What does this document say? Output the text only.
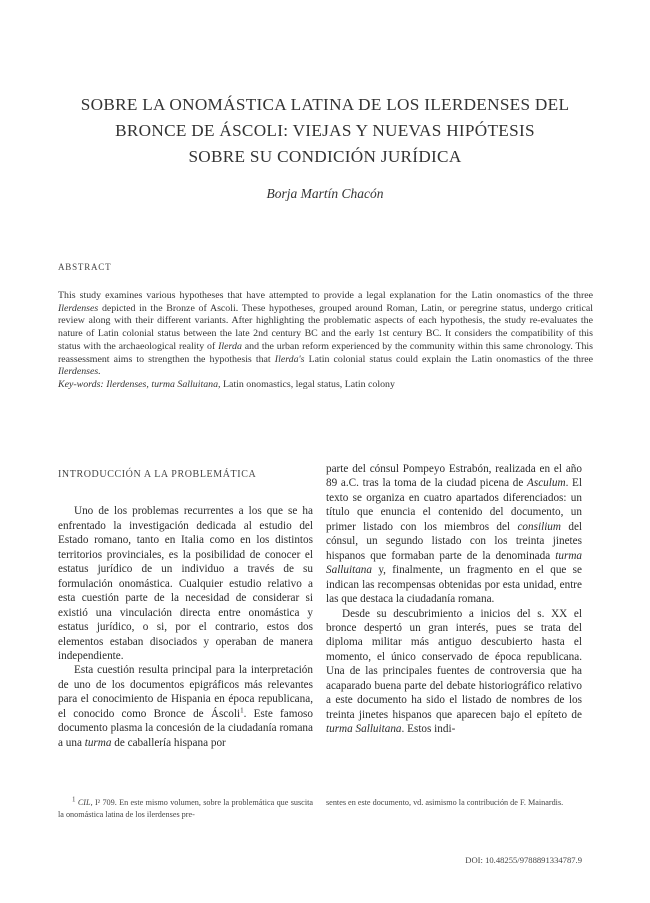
SOBRE LA ONOMÁSTICA LATINA DE LOS ILERDENSES DEL
BRONCE DE ÁSCOLI: VIEJAS Y NUEVAS HIPÓTESIS
SOBRE SU CONDICIÓN JURÍDICA
Borja Martín Chacón
ABSTRACT

This study examines various hypotheses that have attempted to provide a legal explanation for the Latin onomastics of the three Ilerdenses depicted in the Bronze of Ascoli. These hypotheses, grouped around Roman, Latin, or peregrine status, undergo critical review along with their different variants. After highlighting the problematic aspects of each hypothesis, the study re-evaluates the nature of Latin colonial status between the late 2nd century BC and the early 1st century BC. It considers the compatibility of this status with the archaeological reality of Ilerda and the urban reform experienced by the community within this same chronology. This reassessment aims to strengthen the hypothesis that Ilerda's Latin colonial status could explain the Latin onomastics of the three Ilerdenses.

Key-words: Ilerdenses, turma Salluitana, Latin onomastics, legal status, Latin colony

INTRODUCCIÓN A LA PROBLEMÁTICA

Uno de los problemas recurrentes a los que se ha enfrentado la investigación dedicada al estudio del Estado romano, tanto en Italia como en los distintos territorios provinciales, es la posibilidad de conocer el estatus jurídico de un individuo a través de su formulación onomástica. Cualquier estudio relativo a esta cuestión parte de la necesidad de considerar si existió una vinculación directa entre onomástica y estatus jurídico, o si, por el contrario, estos dos elementos estaban disociados y operaban de manera independiente.

Esta cuestión resulta principal para la interpretación de uno de los documentos epigráficos más relevantes para el conocimiento de Hispania en época republicana, el conocido como Bronce de Áscoli$^1$. Este famoso documento plasma la concesión de la ciudadanía romana a una turma de caballería hispana por

parte del cónsul Pompeyo Estrabón, realizada en el año 89 a.C. tras la toma de la ciudad picena de Asculum. El texto se organiza en cuatro apartados diferenciados: un título que enuncia el contenido del documento, un primer listado con los miembros del consilium del cónsul, un segundo listado con los treinta jinetes hispanos que formaban parte de la denominada turma Salluitana y, finalmente, un fragmento en el que se indican las recompensas obtenidas por esta unidad, entre las que destaca la ciudadanía romana.

Desde su descubrimiento a inicios del s. XX el bronce despertó un gran interés, pues se trata del diploma militar más antiguo descubierto hasta el momento, el único conservado de época republicana. Una de las principales fuentes de controversia que ha acaparado buena parte del debate historiográfico relativo a este documento ha sido el listado de nombres de los treinta jinetes hispanos que aparecen bajo el epíteto de turma Salluitana. Estos indi-

$^1$ CIL, I² 709. En este mismo volumen, sobre la problemática que suscita la onomástica latina de los ilerdenses pre-

sentes en este documento, vd. asimismo la contribución de F. Mainardis.

DOI: 10.48255/9788891334787.9
